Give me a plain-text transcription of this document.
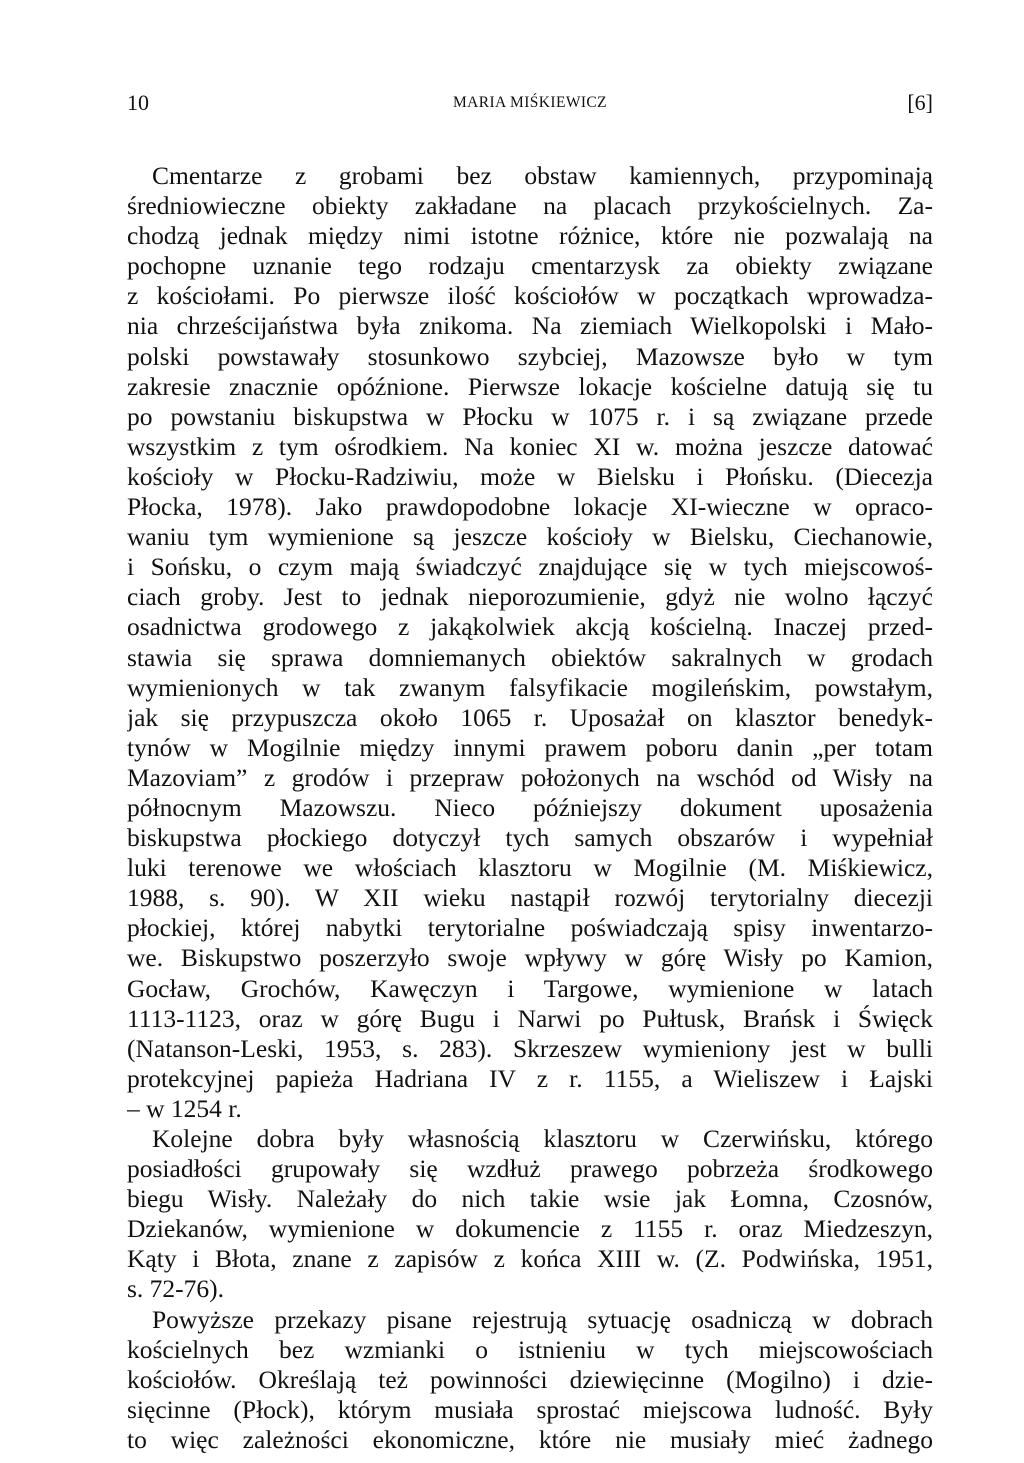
10	MARIA MIŚKIEWICZ	[6]
Cmentarze z grobami bez obstaw kamiennych, przypominają
średniowieczne obiekty zakładane na placach przykościelnych. Za-
chodzą jednak między nimi istotne różnice, które nie pozwalają na
pochopne uznanie tego rodzaju cmentarzysk za obiekty związane
z kościołami. Po pierwsze ilość kościołów w początkach wprowadza-
nia chrześcijaństwa była znikoma. Na ziemiach Wielkopolski i Mało-
polski powstawały stosunkowo szybciej, Mazowsze było w tym
zakresie znacznie opóźnione. Pierwsze lokacje kościelne datują się tu
po powstaniu biskupstwa w Płocku w 1075 r. i są związane przede
wszystkim z tym ośrodkiem. Na koniec XI w. można jeszcze datować
kościoły w Płocku-Radziwiu, może w Bielsku i Płońsku. (Diecezja
Płocka, 1978). Jako prawdopodobne lokacje XI-wieczne w opraco-
waniu tym wymienione są jeszcze kościoły w Bielsku, Ciechanowie,
i Sońsku, o czym mają świadczyć znajdujące się w tych miejscowoś-
ciach groby. Jest to jednak nieporozumienie, gdyż nie wolno łączyć
osadnictwa grodowego z jakąkolwiek akcją kościelną. Inaczej przed-
stawia się sprawa domniemanych obiektów sakralnych w grodach
wymienionych w tak zwanym falsyfikacie mogileńskim, powstałym,
jak się przypuszcza około 1065 r. Uposażał on klasztor benedyk-
tynów w Mogilnie między innymi prawem poboru danin „per totam
Mazoviam” z grodów i przepraw położonych na wschód od Wisły na
północnym Mazowszu. Nieco późniejszy dokument uposażenia
biskupstwa płockiego dotyczył tych samych obszarów i wypełniał
luki terenowe we włościach klasztoru w Mogilnie (M. Miśkiewicz,
1988, s. 90). W XII wieku nastąpił rozwój terytorialny diecezji
płockiej, której nabytki terytorialne poświadczają spisy inwentarzo-
we. Biskupstwo poszerzyło swoje wpływy w górę Wisły po Kamion,
Gocław, Grochów, Kawęczyn i Targowe, wymienione w latach
1113-1123, oraz w górę Bugu i Narwi po Pułtusk, Brańsk i Święck
(Natanson-Leski, 1953, s. 283). Skrzeszew wymieniony jest w bulli
protekcyjnej papieża Hadriana IV z r. 1155, a Wieliszew i Łajski
– w 1254 r.
Kolejne dobra były własnością klasztoru w Czerwińsku, którego
posiadłości grupowały się wzdłuż prawego pobrzeża środkowego
biegu Wisły. Należały do nich takie wsie jak Łomna, Czosnów,
Dziekanów, wymienione w dokumencie z 1155 r. oraz Miedzeszyn,
Kąty i Błota, znane z zapisów z końca XIII w. (Z. Podwińska, 1951,
s. 72-76).
Powyższe przekazy pisane rejestrują sytuację osadniczą w dobrach
kościelnych bez wzmianki o istnieniu w tych miejscowościach
kościołów. Określają też powinności dziewięcinne (Mogilno) i dzie-
sięcinne (Płock), którym musiała sprostać miejscowa ludność. Były
to więc zależności ekonomiczne, które nie musiały mieć żadnego
